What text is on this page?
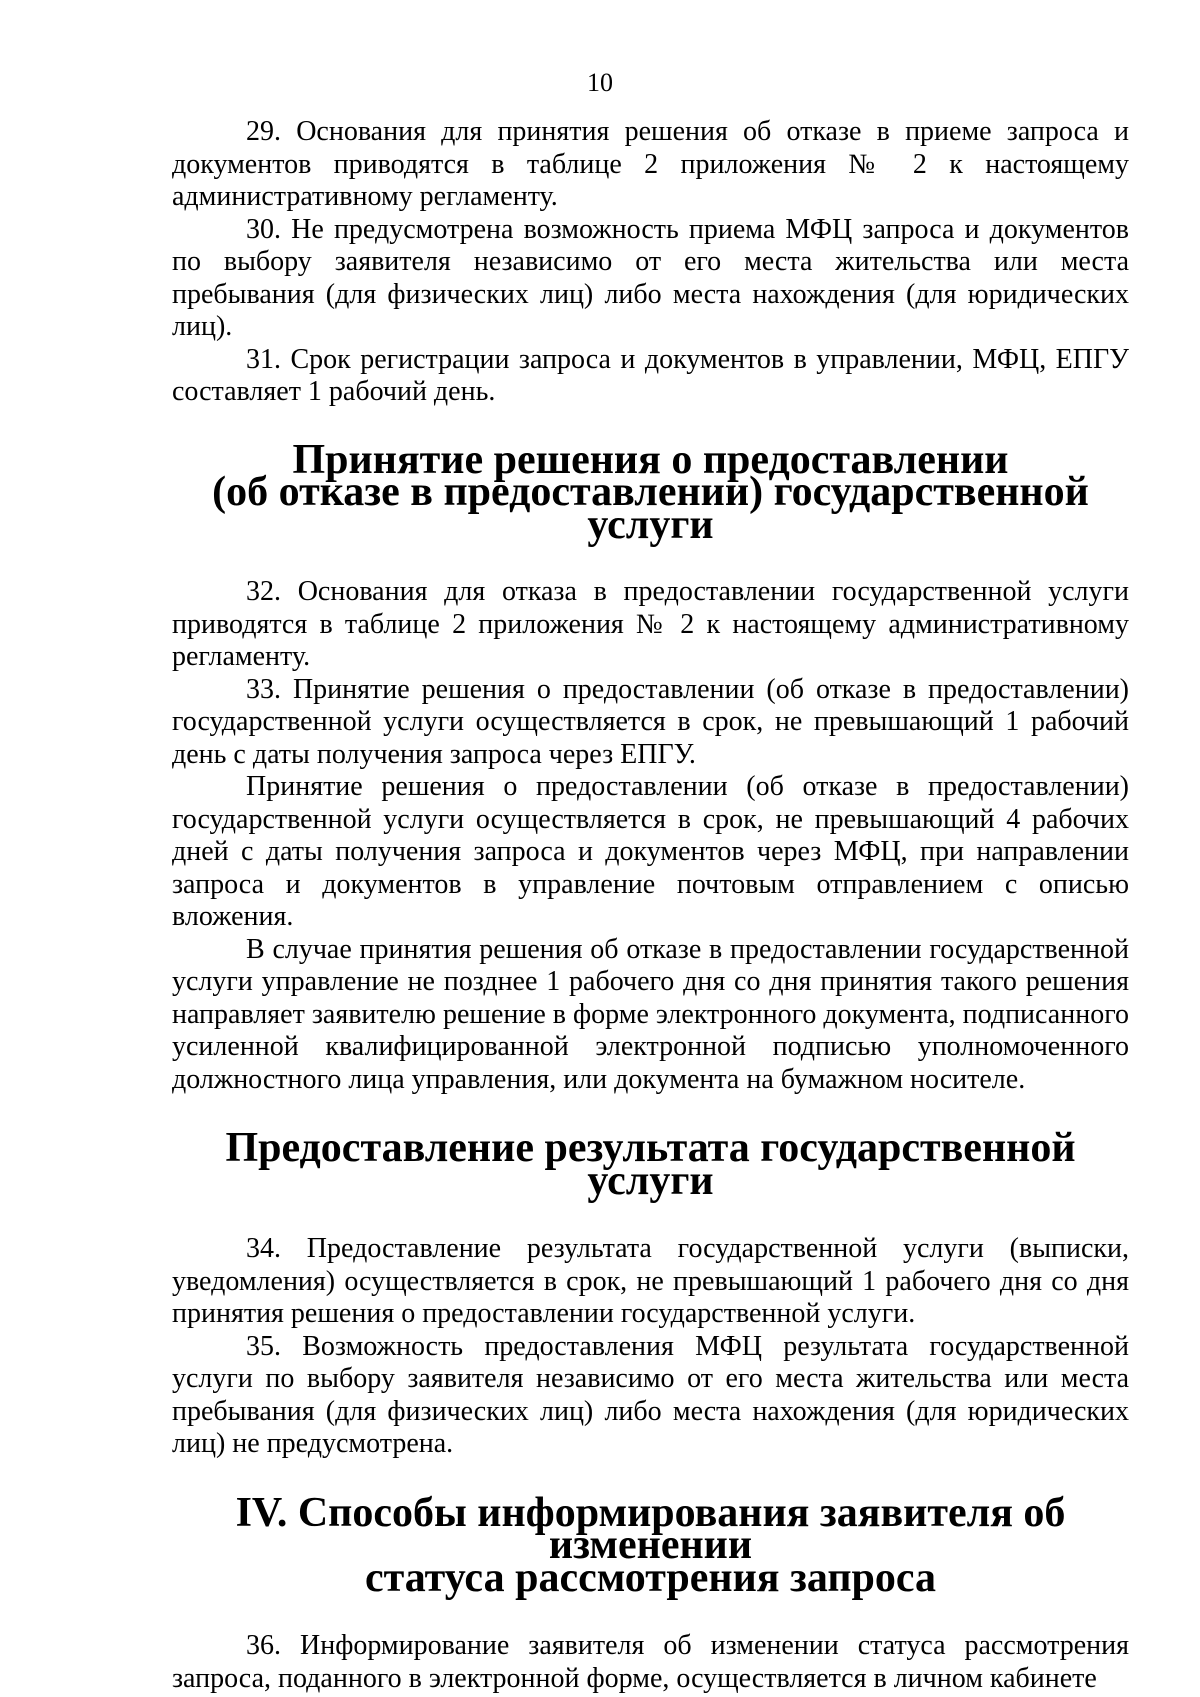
10

29. Основания для принятия решения об отказе в приеме запроса и документов приводятся в таблице 2 приложения № 2 к настоящему административному регламенту.

30. Не предусмотрена возможность приема МФЦ запроса и документов по выбору заявителя независимо от его места жительства или места пребывания (для физических лиц) либо места нахождения (для юридических лиц).

31. Срок регистрации запроса и документов в управлении, МФЦ, ЕПГУ составляет 1 рабочий день.

Принятие решения о предоставлении
(об отказе в предоставлении) государственной услуги

32. Основания для отказа в предоставлении государственной услуги приводятся в таблице 2 приложения № 2 к настоящему административному регламенту.

33. Принятие решения о предоставлении (об отказе в предоставлении) государственной услуги осуществляется в срок, не превышающий 1 рабочий день с даты получения запроса через ЕПГУ.

Принятие решения о предоставлении (об отказе в предоставлении) государственной услуги осуществляется в срок, не превышающий 4 рабочих дней с даты получения запроса и документов через МФЦ, при направлении запроса и документов в управление почтовым отправлением с описью вложения.

В случае принятия решения об отказе в предоставлении государственной услуги управление не позднее 1 рабочего дня со дня принятия такого решения направляет заявителю решение в форме электронного документа, подписанного усиленной квалифицированной электронной подписью уполномоченного должностного лица управления, или документа на бумажном носителе.

Предоставление результата государственной услуги

34. Предоставление результата государственной услуги (выписки, уведомления) осуществляется в срок, не превышающий 1 рабочего дня со дня принятия решения о предоставлении государственной услуги.

35. Возможность предоставления МФЦ результата государственной услуги по выбору заявителя независимо от его места жительства или места пребывания (для физических лиц) либо места нахождения (для юридических лиц) не предусмотрена.

IV. Способы информирования заявителя об изменении
статуса рассмотрения запроса

36. Информирование заявителя об изменении статуса рассмотрения запроса, поданного в электронной форме, осуществляется в личном кабинете
